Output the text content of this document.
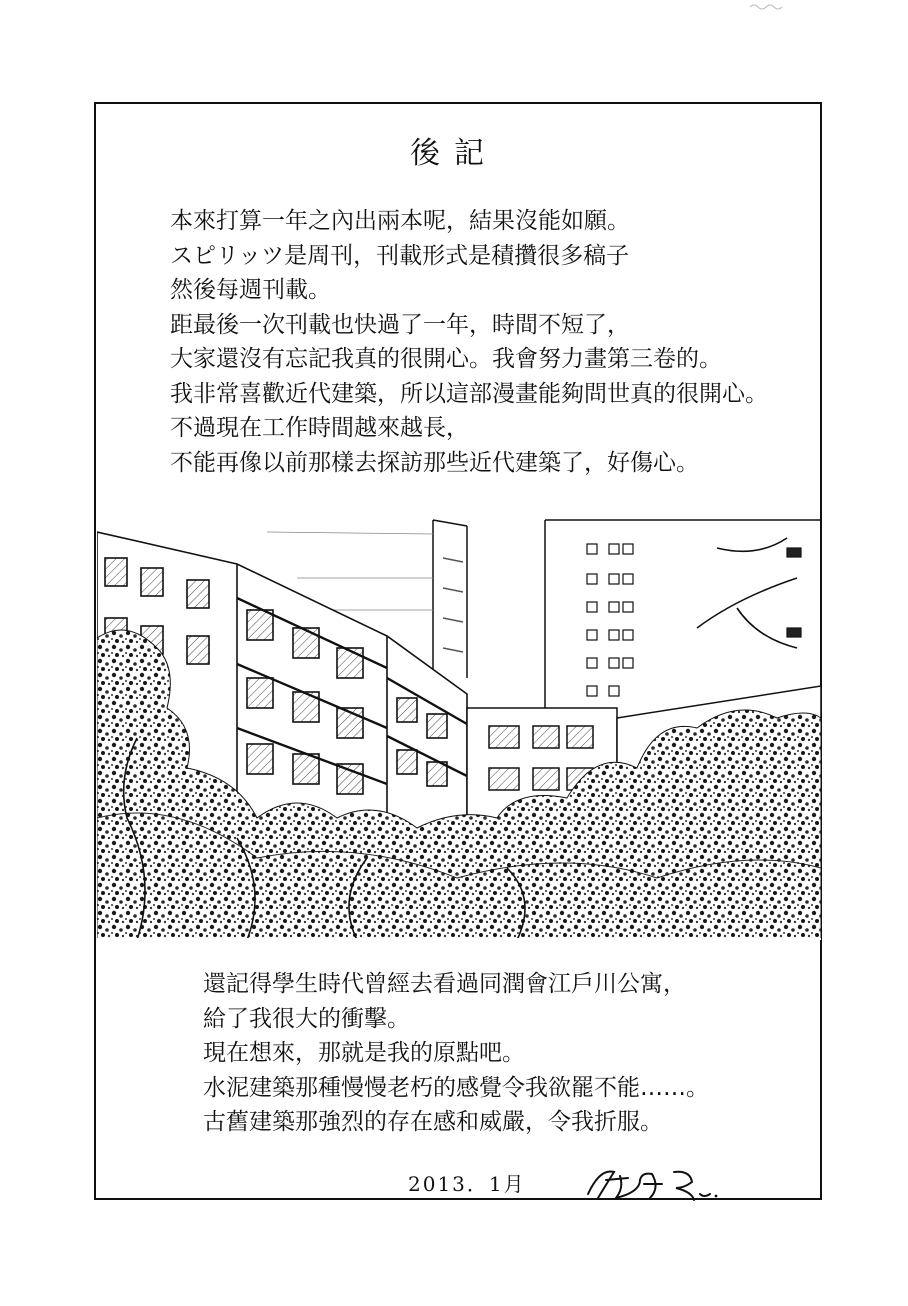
後記
本來打算一年之內出兩本呢，結果沒能如願。
スピリッツ是周刊，刊載形式是積攢很多稿子
然後每週刊載。
距最後一次刊載也快過了一年，時間不短了，
大家還沒有忘記我真的很開心。我會努力畫第三卷的。
我非常喜歡近代建築，所以這部漫畫能夠問世真的很開心。
不過現在工作時間越來越長，
不能再像以前那樣去探訪那些近代建築了，好傷心。
還記得學生時代曾經去看過同潤會江戶川公寓，
給了我很大的衝擊。
現在想來，那就是我的原點吧。
水泥建築那種慢慢老朽的感覺令我欲罷不能……。
古舊建築那強烈的存在感和威嚴，令我折服。
2013．1月
